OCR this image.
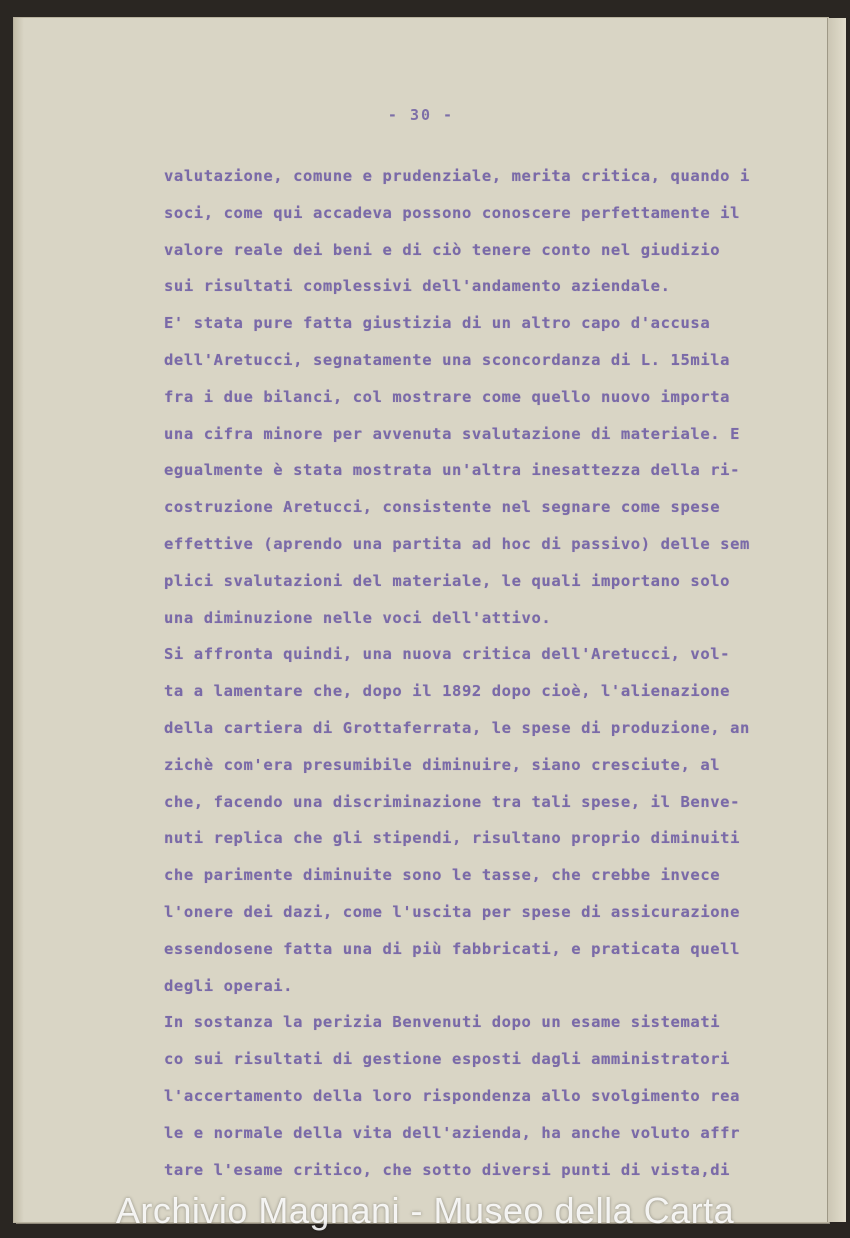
- 30 -
valutazione, comune e prudenziale, merita critica, quando i
soci, come qui accadeva possono conoscere perfettamente il
valore reale dei beni e di ciò tenere conto nel giudizio
sui risultati complessivi dell'andamento aziendale.
E' stata pure fatta giustizia di un altro capo d'accusa
dell'Aretucci, segnatamente una sconcordanza di L. 15mila
fra i due bilanci, col mostrare come quello nuovo importa
una cifra minore per avvenuta svalutazione di materiale. E
egualmente è stata mostrata un'altra inesattezza della ri-
costruzione Aretucci, consistente nel segnare come spese
effettive (aprendo una partita ad hoc di passivo) delle sem
plici svalutazioni del materiale, le quali importano solo
una diminuzione nelle voci dell'attivo.
Si affronta quindi, una nuova critica dell'Aretucci, vol-
ta a lamentare che, dopo il 1892 dopo cioè, l'alienazione
della cartiera di Grottaferrata, le spese di produzione, an
zichè com'era presumibile diminuire, siano cresciute, al
che, facendo una discriminazione tra tali spese, il Benve-
nuti replica che gli stipendi, risultano proprio diminuiti
che parimente diminuite sono le tasse, che crebbe invece
l'onere dei dazi, come l'uscita per spese di assicurazione
essendosene fatta una di più fabbricati, e praticata quell
degli operai.
In sostanza la perizia Benvenuti dopo un esame sistemati
co sui risultati di gestione esposti dagli amministratori
l'accertamento della loro rispondenza allo svolgimento rea
le e normale della vita dell'azienda, ha anche voluto affr
tare l'esame critico, che sotto diversi punti di vista,di
Archivio Magnani - Museo della Carta
